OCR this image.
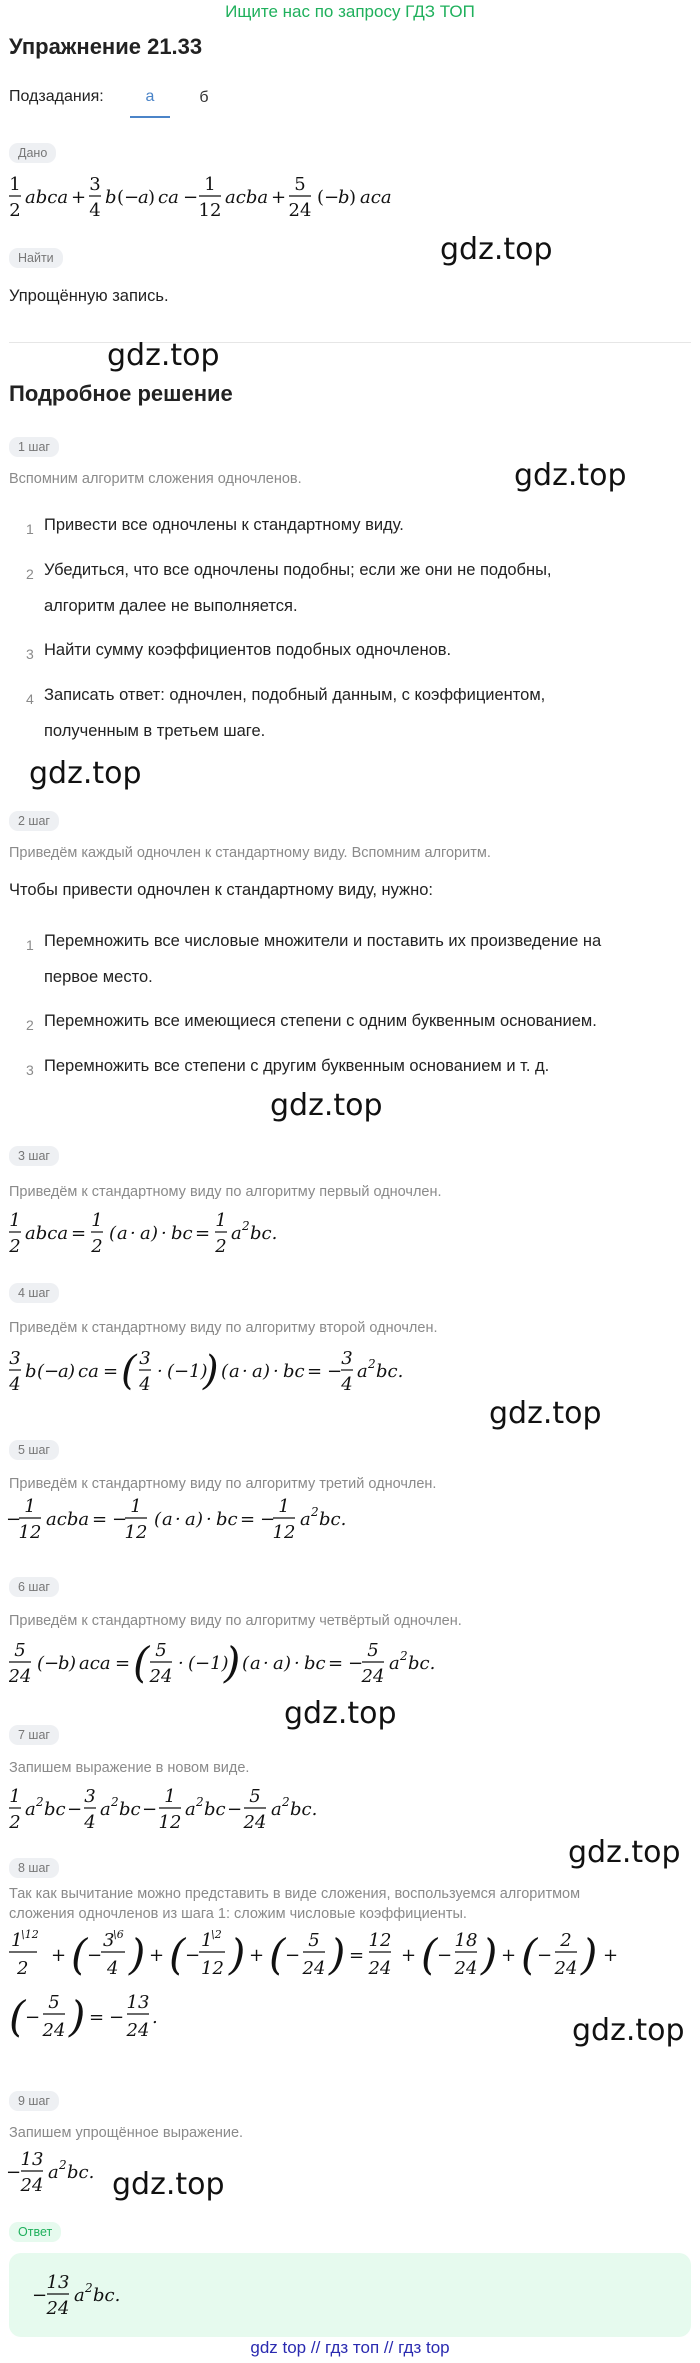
Ищите нас по запросу ГДЗ ТОП
Упражнение 21.33
Подзадания:	а	б
Дано
1
2
abca +
3
4
b (−
a ) ca −
1
12
acba +
5
24
(−
b ) aca
gdz.top
Найти
Упрощённую запись.
gdz.top
Подробное решение
1 шаг
Вспомним алгоритм сложения одночленов.	gdz.top
1 Привести все одночлены к стандартному виду.
2 Убедиться, что все одночлены подобны; если же они не подобны,
алгоритм далее не выполняется.
3 Найти сумму коэффициентов подобных одночленов.
4 Записать ответ: одночлен, подобный данным, с коэффициентом,
полученным в третьем шаге.
gdz.top
2 шаг
Приведём каждый одночлен к стандартному виду. Вспомним алгоритм.
Чтобы привести одночлен к стандартному виду, нужно:
1 Перемножить все числовые множители и поставить их произведение на
первое место.
2 Перемножить все имеющиеся степени с одним буквенным основанием.
3 Перемножить все степени с другим буквенным основанием и т. д.
gdz.top
3 шаг
Приведём к стандартному виду по алгоритму первый одночлен.
1
2
abca =
1
2
( a · a ) · bc =
1
2
a 2 bc.
4 шаг
Приведём к стандартному виду по алгоритму второй одночлен.
3
4
b (−
a ) ca = ( 3
4
· (−1)
) ( a · a ) · bc = −
3
4
a 2 bc.
gdz.top
5 шаг
−
1
12
acba = −
1
12
( a · a ) · bc = −
1
12
a 2 bc.
Приведём к стандартному виду по алгоритму третий одночлен.
6 шаг
Приведём к стандартному виду по алгоритму четвёртый одночлен.
5
24
(−
b ) aca = ( 5
24
· (−1)
) ( a · a ) · bc = −
5
24
a 2 bc.
gdz.top
7 шаг
Запишем выражение в новом виде.
1
2
a 2 bc −
3
4
a 2 bc −
1
12
a 2 bc −
5
24
a 2 bc.
gdz.top
8 шаг
Так как вычитание можно представить в виде сложения, воспользуемся алгоритмом
сложения одночленов из шага 1: сложим числовые коэффициенты.
1
\12
2
+ ( −
3
\6
4 ) + ( −
1
\2
12 ) + ( −
5
24 ) =
12
24
+ ( −
18
24 ) + ( −
2
24 ) +
( −
5
24 ) = −
13
24
.	gdz.top
9 шаг
Запишем упрощённое выражение.
−
13
24
a 2 bc. gdz.top
Ответ
−
13
24
a 2 bc.
gdz top // гдз топ // гдз top
